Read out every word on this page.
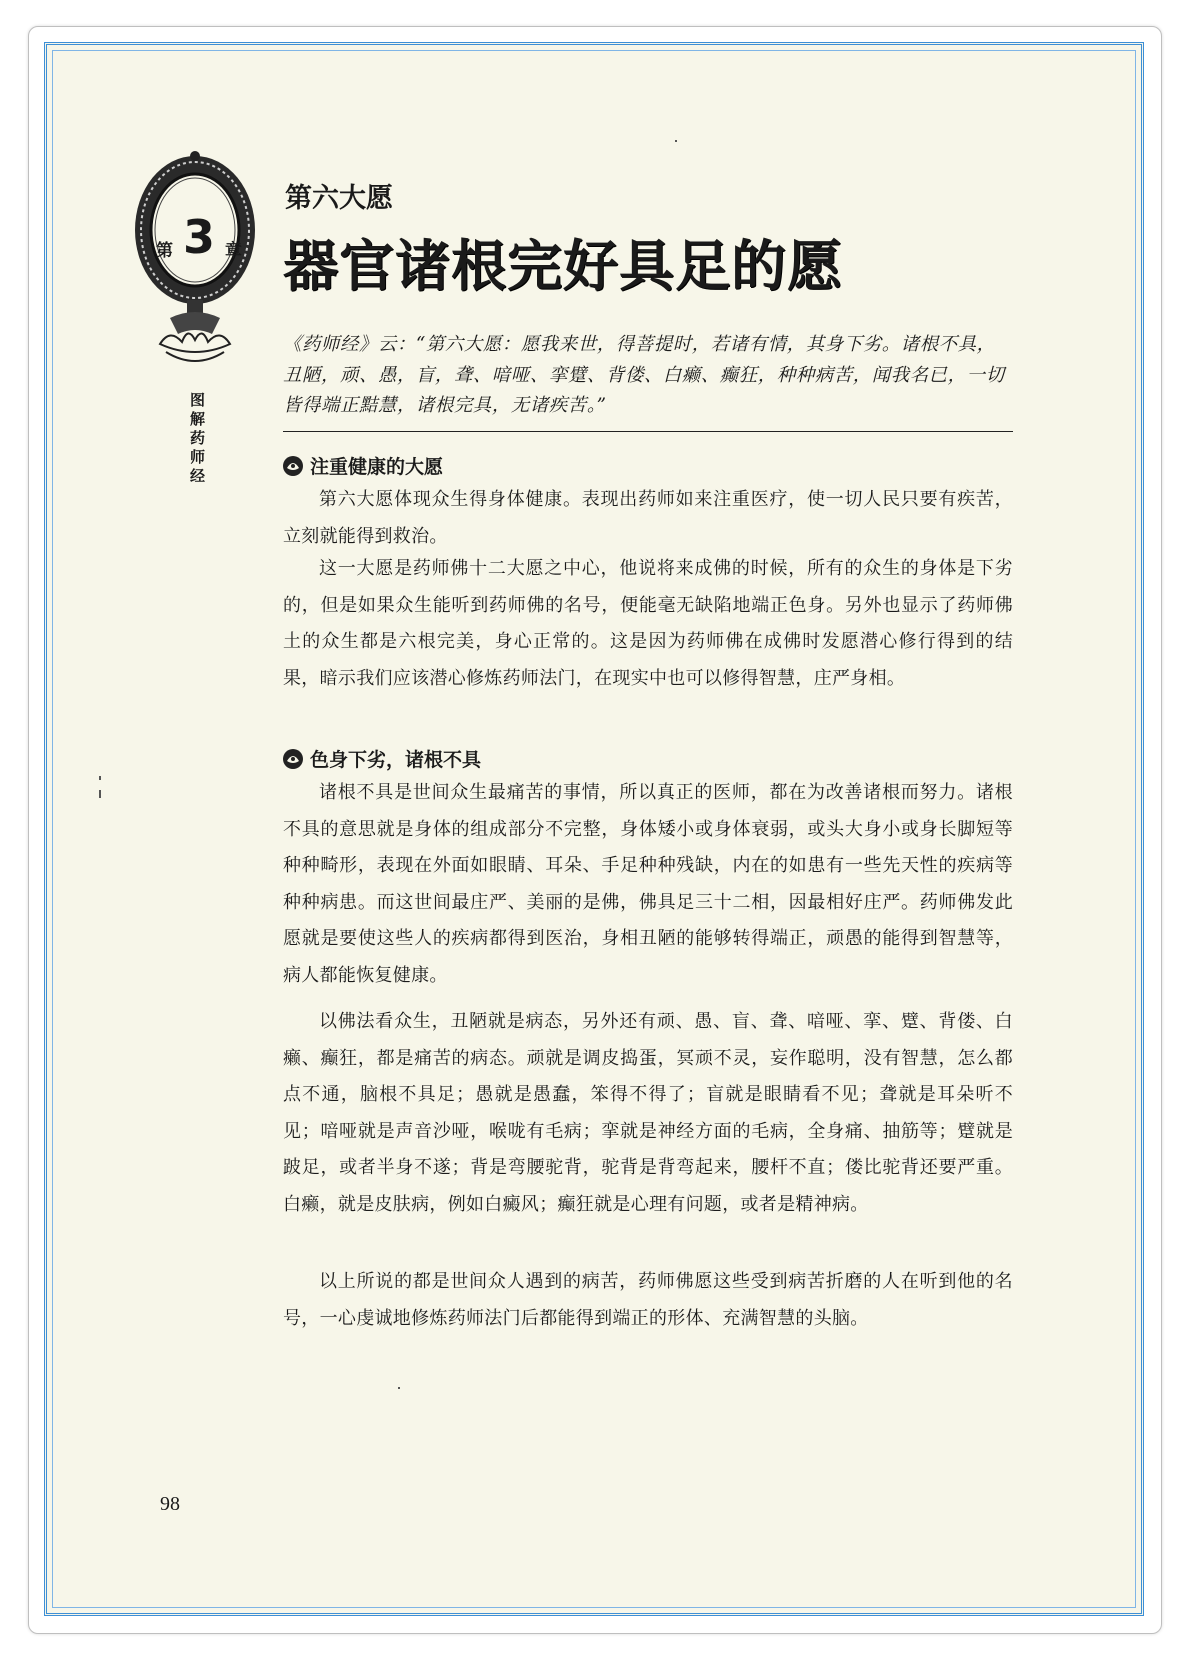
第 3 章
图解药师经
第六大愿
器官诸根完好具足的愿
《药师经》云：“第六大愿：愿我来世，得菩提时，若诸有情，其身下劣。诸根不具，丑陋，顽、愚，盲，聋、喑哑、挛躄、背偻、白癞、癫狂，种种病苦，闻我名已，一切皆得端正黠慧，诸根完具，无诸疾苦。”
注重健康的大愿
第六大愿体现众生得身体健康。表现出药师如来注重医疗，使一切人民只要有疾苦，立刻就能得到救治。
这一大愿是药师佛十二大愿之中心，他说将来成佛的时候，所有的众生的身体是下劣的，但是如果众生能听到药师佛的名号，便能毫无缺陷地端正色身。另外也显示了药师佛土的众生都是六根完美，身心正常的。这是因为药师佛在成佛时发愿潜心修行得到的结果，暗示我们应该潜心修炼药师法门，在现实中也可以修得智慧，庄严身相。
色身下劣，诸根不具
诸根不具是世间众生最痛苦的事情，所以真正的医师，都在为改善诸根而努力。诸根不具的意思就是身体的组成部分不完整，身体矮小或身体衰弱，或头大身小或身长脚短等种种畸形，表现在外面如眼睛、耳朵、手足种种残缺，内在的如患有一些先天性的疾病等种种病患。而这世间最庄严、美丽的是佛，佛具足三十二相，因最相好庄严。药师佛发此愿就是要使这些人的疾病都得到医治，身相丑陋的能够转得端正，顽愚的能得到智慧等，病人都能恢复健康。
以佛法看众生，丑陋就是病态，另外还有顽、愚、盲、聋、喑哑、挛、躄、背偻、白癞、癫狂，都是痛苦的病态。顽就是调皮捣蛋，冥顽不灵，妄作聪明，没有智慧，怎么都点不通，脑根不具足；愚就是愚蠢，笨得不得了；盲就是眼睛看不见；聋就是耳朵听不见；喑哑就是声音沙哑，喉咙有毛病；挛就是神经方面的毛病，全身痛、抽筋等；躄就是跛足，或者半身不遂；背是弯腰驼背，驼背是背弯起来，腰杆不直；偻比驼背还要严重。白癞，就是皮肤病，例如白癜风；癫狂就是心理有问题，或者是精神病。
以上所说的都是世间众人遇到的病苦，药师佛愿这些受到病苦折磨的人在听到他的名号，一心虔诚地修炼药师法门后都能得到端正的形体、充满智慧的头脑。
98
